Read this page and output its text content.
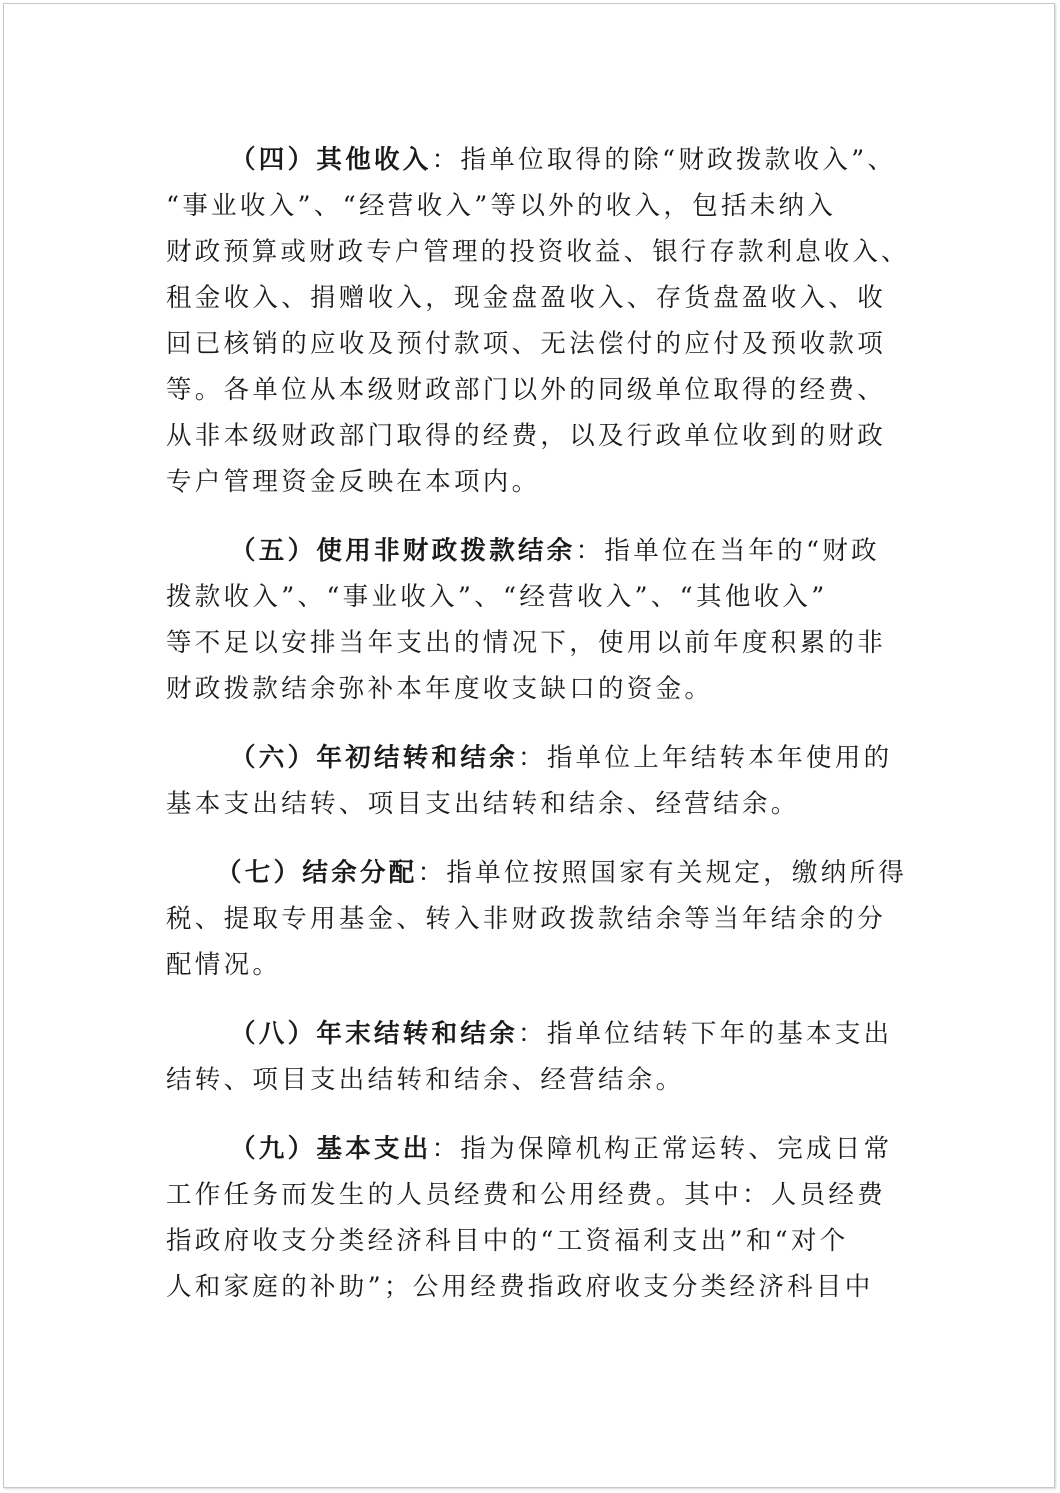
（四）其他收入：指单位取得的除“财政拨款收入”、
“事业收入”、“经营收入”等以外的收入，包括未纳入
财政预算或财政专户管理的投资收益、银行存款利息收入、
租金收入、捐赠收入，现金盘盈收入、存货盘盈收入、收
回已核销的应收及预付款项、无法偿付的应付及预收款项
等。各单位从本级财政部门以外的同级单位取得的经费、
从非本级财政部门取得的经费，以及行政单位收到的财政
专户管理资金反映在本项内。
（五）使用非财政拨款结余：指单位在当年的“财政
拨款收入”、“事业收入”、“经营收入”、“其他收入”
等不足以安排当年支出的情况下，使用以前年度积累的非
财政拨款结余弥补本年度收支缺口的资金。
（六）年初结转和结余：指单位上年结转本年使用的
基本支出结转、项目支出结转和结余、经营结余。
（七）结余分配：指单位按照国家有关规定，缴纳所得
税、提取专用基金、转入非财政拨款结余等当年结余的分
配情况。
（八）年末结转和结余：指单位结转下年的基本支出
结转、项目支出结转和结余、经营结余。
（九）基本支出：指为保障机构正常运转、完成日常
工作任务而发生的人员经费和公用经费。其中：人员经费
指政府收支分类经济科目中的“工资福利支出”和“对个
人和家庭的补助”；公用经费指政府收支分类经济科目中
